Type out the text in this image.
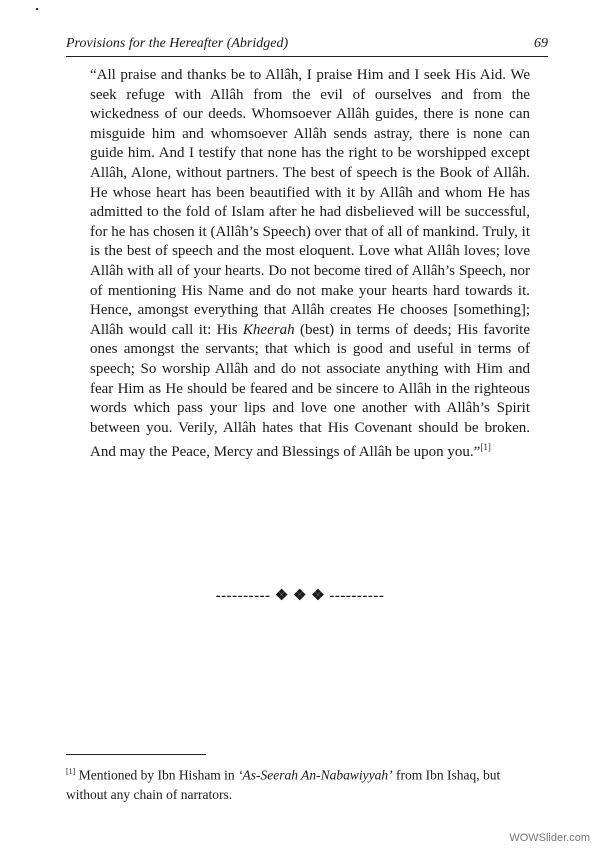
Provisions for the Hereafter (Abridged)	69
“All praise and thanks be to Allâh, I praise Him and I seek His Aid. We seek refuge with Allâh from the evil of ourselves and from the wickedness of our deeds. Whomsoever Allâh guides, there is none can misguide him and whomsoever Allâh sends astray, there is none can guide him. And I testify that none has the right to be worshipped except Allâh, Alone, without partners. The best of speech is the Book of Allâh. He whose heart has been beautified with it by Allâh and whom He has admitted to the fold of Islam after he had disbelieved will be successful, for he has chosen it (Allâh’s Speech) over that of all of mankind. Truly, it is the best of speech and the most eloquent. Love what Allâh loves; love Allâh with all of your hearts. Do not become tired of Allâh’s Speech, nor of mentioning His Name and do not make your hearts hard towards it. Hence, amongst everything that Allâh creates He chooses [something]; Allâh would call it: His Kheerah (best) in terms of deeds; His favorite ones amongst the servants; that which is good and useful in terms of speech; So worship Allâh and do not associate anything with Him and fear Him as He should be feared and be sincere to Allâh in the righteous words which pass your lips and love one another with Allâh’s Spirit between you. Verily, Allâh hates that His Covenant should be broken. And may the Peace, Mercy and Blessings of Allâh be upon you.”[1]
---------- ❖ ❖ ❖ ----------
[1] Mentioned by Ibn Hisham in ‘As-Seerah An-Nabawiyyah’ from Ibn Ishaq, but without any chain of narrators.
WOWSlider.com
